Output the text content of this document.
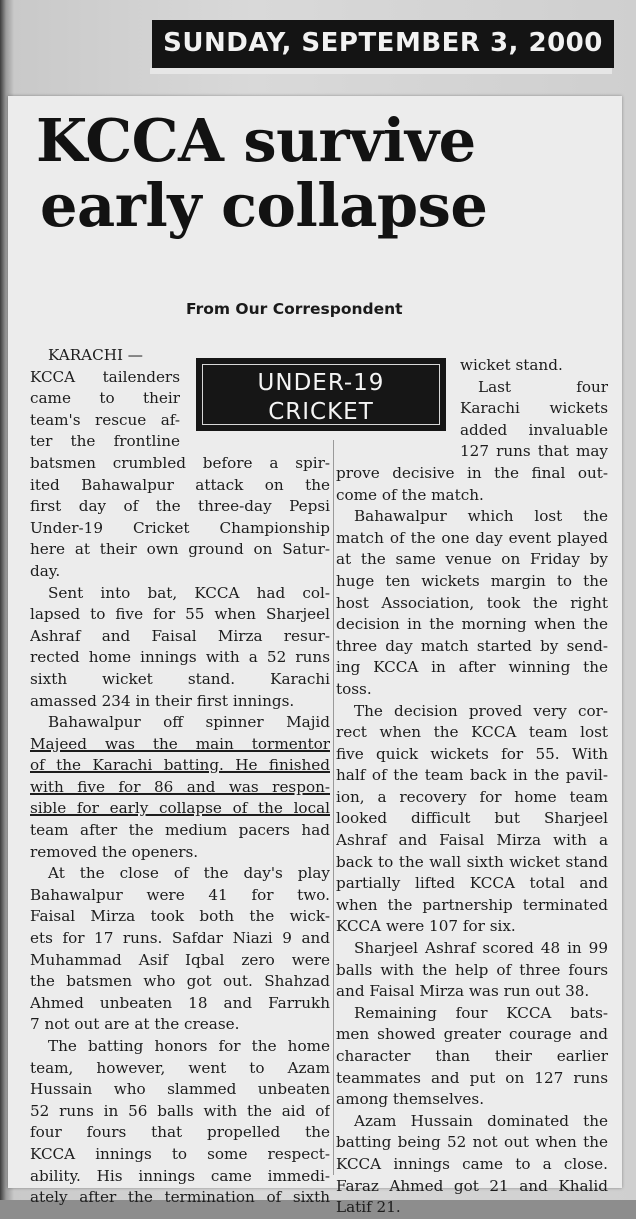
SUNDAY, SEPTEMBER 3, 2000
KCCA survive
early collapse
From Our Correspondent
UNDER-19
CRICKET
KARACHI —
KCCA tailenders
came to their
team's rescue af-
ter the frontline
batsmen crumbled before a spir-
ited Bahawalpur attack on the
first day of the three-day Pepsi
Under-19 Cricket Championship
here at their own ground on Satur-
day.
Sent into bat, KCCA had col-
lapsed to five for 55 when Sharjeel
Ashraf and Faisal Mirza resur-
rected home innings with a 52 runs
sixth wicket stand. Karachi
amassed 234 in their first innings.
Bahawalpur off spinner Majid
Majeed was the main tormentor
of the Karachi batting. He finished
with five for 86 and was respon-
sible for early collapse of the local
team after the medium pacers had
removed the openers.
At the close of the day's play
Bahawalpur were 41 for two.
Faisal Mirza took both the wick-
ets for 17 runs. Safdar Niazi 9 and
Muhammad Asif Iqbal zero were
the batsmen who got out. Shahzad
Ahmed unbeaten 18 and Farrukh
7 not out are at the crease.
The batting honors for the home
team, however, went to Azam
Hussain who slammed unbeaten
52 runs in 56 balls with the aid of
four fours that propelled the
KCCA innings to some respect-
ability. His innings came immedi-
ately after the termination of sixth
wicket stand.
Last four
Karachi wickets
added invaluable
127 runs that may
prove decisive in the final out-
come of the match.
Bahawalpur which lost the
match of the one day event played
at the same venue on Friday by
huge ten wickets margin to the
host Association, took the right
decision in the morning when the
three day match started by send-
ing KCCA in after winning the
toss.
The decision proved very cor-
rect when the KCCA team lost
five quick wickets for 55. With
half of the team back in the pavil-
ion, a recovery for home team
looked difficult but Sharjeel
Ashraf and Faisal Mirza with a
back to the wall sixth wicket stand
partially lifted KCCA total and
when the partnership terminated
KCCA were 107 for six.
Sharjeel Ashraf scored 48 in 99
balls with the help of three fours
and Faisal Mirza was run out 38.
Remaining four KCCA bats-
men showed greater courage and
character than their earlier
teammates and put on 127 runs
among themselves.
Azam Hussain dominated the
batting being 52 not out when the
KCCA innings came to a close.
Faraz Ahmed got 21 and Khalid
Latif 21.
